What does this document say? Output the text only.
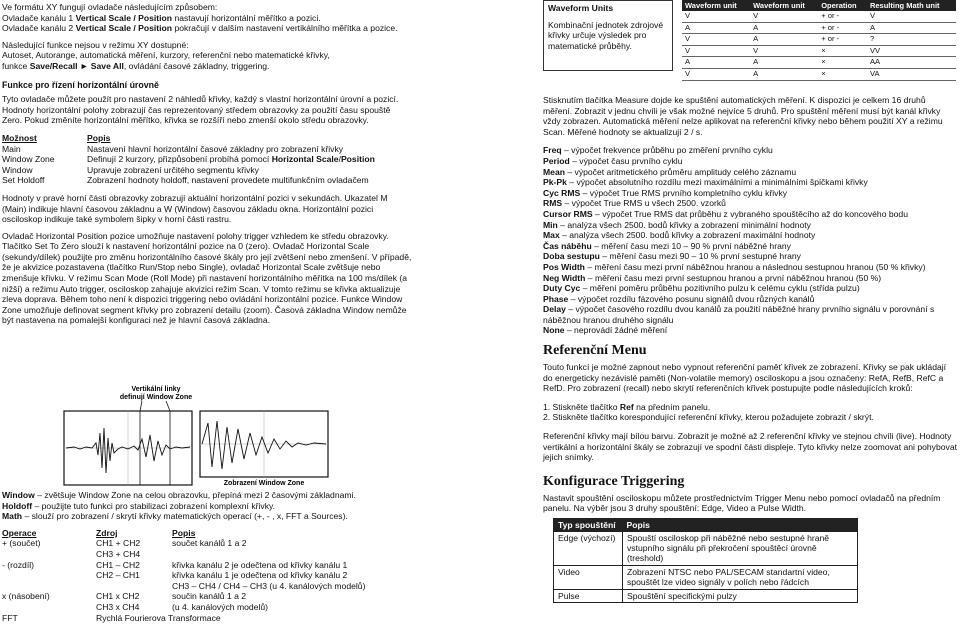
Ve formátu XY fungují ovladače následujícím způsobem:

Ovladače kanálu 1 Vertical Scale / Position nastavují horizontální měřítko a pozici.

Ovladače kanálu 2 Vertical Scale / Position pokračují v dalším nastavení vertikálního měřítka a pozice.

Následující funkce nejsou v režimu XY dostupné:

Autoset, Autorange, automatická měření, kurzory, referenční nebo matematické křivky,

funkce Save/Recall ► Save All, ovládání časové základny, triggering.

Funkce pro řízení horizontální úrovně

Tyto ovladače můžete použít pro nastavení 2 náhledů křivky, každý s vlastní horizontální úrovní a pozicí. Hodnoty horizontální polohy zobrazují čas reprezentovaný středem obrazovky za použití času spouště Zero. Pokud změníte horizontální měřítko, křivka se rozšíří nebo zmenší okolo středu obrazovky.

Možnost	Popis
Main	Nastavení hlavní horizontální časové základny pro zobrazení křivky
Window Zone	Definují 2 kurzory, přizpůsobení probíhá pomocí Horizontal Scale/Position
Window	Upravuje zobrazení určitého segmentu křivky
Set Holdoff	Zobrazení hodnoty holdoff, nastavení provedete multifunkčním ovladačem

Hodnoty v pravé horní části obrazovky zobrazují aktuální horizontální pozici v sekundách. Ukazatel M (Main) indikuje hlavní časovou základnu a W (Window) časovou základu okna. Horizontální pozici osciloskop indikuje také symbolem šipky v horní části rastru.

Ovladač Horizontal Position pozice umožňuje nastavení polohy trigger vzhledem ke středu obrazovky. Tlačítko Set To Zero slouží k nastavení horizontální pozice na 0 (zero). Ovladač Horizontal Scale (sekundy/dílek) použijte pro změnu horizontálního časové škály pro její zvětšení nebo zmenšení. V případě, že je akvizice pozastavena (tlačítko Run/Stop nebo Single), ovladač Horizontal Scale zvětšuje nebo zmenšuje křivku. V režimu Scan Mode (Roll Mode) při nastavení horizontálního měřítka na 100 ms/dílek (a nižší) a režimu Auto trigger, osciloskop zahajuje akvizici režim Scan. V tomto režimu se křivka aktualizuje zleva doprava. Během toho není k dispozici triggering nebo ovládání horizontální pozice. Funkce Window Zone umožňuje definovat segment křivky pro zobrazení detailu (zoom). Časová základna Window nemůže být nastavena na pomalejší konfiguraci než je hlavní časová základna.

Vertikální linky
definují Window Zone
Zobrazení Window Zone

Window – zvětšuje Window Zone na celou obrazovku, přepíná mezi 2 časovými základnami.

Holdoff – použijte tuto funkci pro stabilizaci zobrazení komplexní křivky.

Math – slouží pro zobrazení / skrytí křivky matematických operací (+, - , x, FFT a Sources).

Operace	Zdroj	Popis
+ (součet)	CH1 + CH2	součet kanálů 1 a 2
	CH3 + CH4	
- (rozdíl)	CH1 – CH2	křivka kanálu 2 je odečtena od křivky kanálu 1
	CH2 – CH1	křivka kanálu 1 je odečtena od křivky kanálu 2
		CH3 – CH4 / CH4 – CH3 (u 4. kanálových modelů)
x (násobení)	CH1 x CH2	součin kanálů 1 a 2
	CH3 x CH4	(u 4. kanálových modelů)
FFT	Rychlá Fourierova Transformace	
Waveform Units
Kombinační jednotek zdrojové křivky určuje výsledek pro matematické průběhy.
Waveform unit	Waveform unit	Operation	Resulting Math unit
V	V	+ or -	V
A	A	+ or -	A
V	A	+ or -	?
V	V	×	VV
A	A	×	AA
V	A	×	VA

Stisknutím tlačítka Measure dojde ke spuštění automatických měření. K dispozici je celkem 16 druhů měření. Zobrazit v jednu chvíli je však možné nejvíce 5 druhů. Pro spuštění měření musí být kanál křivky vždy zobrazen. Automatická měření nelze aplikovat na referenční křivky nebo během použití XY a režimu Scan. Měřené hodnoty se aktualizují 2 / s.

Freq – výpočet frekvence průběhu po změření prvního cyklu

Period – výpočet času prvního cyklu

Mean – výpočet aritmetického průměru amplitudy celého záznamu

Pk-Pk – výpočet absolutního rozdílu mezi maximálními a minimálními špičkami křivky

Cyc RMS – výpočet True RMS prvního kompletního cyklu křivky

RMS – výpočet True RMS u všech 2500. vzorků

Cursor RMS – výpočet True RMS dat průběhu z vybraného spouštěcího až do koncového bodu

Min – analýza všech 2500. bodů křivky a zobrazení minimální hodnoty

Max – analýza všech 2500. bodů křivky a zobrazení maximální hodnoty

Čas náběhu – měření času mezi 10 – 90 % první náběžné hrany

Doba sestupu – měření času mezi 90 – 10 % první sestupné hrany

Pos Width – měření času mezi první náběžnou hranou a následnou sestupnou hranou (50 % křivky)

Neg Width – měření času mezi první sestupnou hranou a první náběžnou hranou (50 %)

Duty Cyc – měření poměru průběhu pozitivního pulzu k celému cyklu (střída pulzu)

Phase – výpočet rozdílu fázového posunu signálů dvou různých kanálů

Delay – výpočet časového rozdílu dvou kanálů za použití náběžné hrany prvního signálu v porovnání s náběžnou hranou druhého signálu

None – neprovádí žádné měření

Referenční Menu

Touto funkcí je možné zapnout nebo vypnout referenční paměť křivek ze zobrazení. Křivky se pak ukládají do energeticky nezávislé paměti (Non-volatile memory) osciloskopu a jsou označeny: RefA, RefB, RefC a RefD. Pro zobrazení (recall) nebo skrytí referenčních křivek postupujte podle následujících kroků:

1. Stiskněte tlačítko Ref na předním panelu.

2. Stiskněte tlačítko korespondující referenční křivky, kterou požadujete zobrazit / skrýt.

Referenční křivky mají bílou barvu. Zobrazit je možné až 2 referenční křivky ve stejnou chvíli (live). Hodnoty vertikální a horizontální škály se zobrazují ve spodní části displeje. Tyto křivky nelze zoomovat ani pohybovat jejich snímky.

Konfigurace Triggering

Nastavit spouštění osciloskopu můžete prostřednictvím Trigger Menu nebo pomocí ovladačů na předním panelu. Na výběr jsou 3 druhy spouštění: Edge, Video a Pulse Width.

Typ spouštění	Popis
Edge (výchozí)	Spouští osciloskop při náběžné nebo sestupné hraně vstupního signálu při překročení spouštěcí úrovně (treshold)
Video	Zobrazení NTSC nebo PAL/SECAM standartní video, spouštět lze video signály v polích nebo řádcích
Pulse	Spouštění specifickými pulzy
